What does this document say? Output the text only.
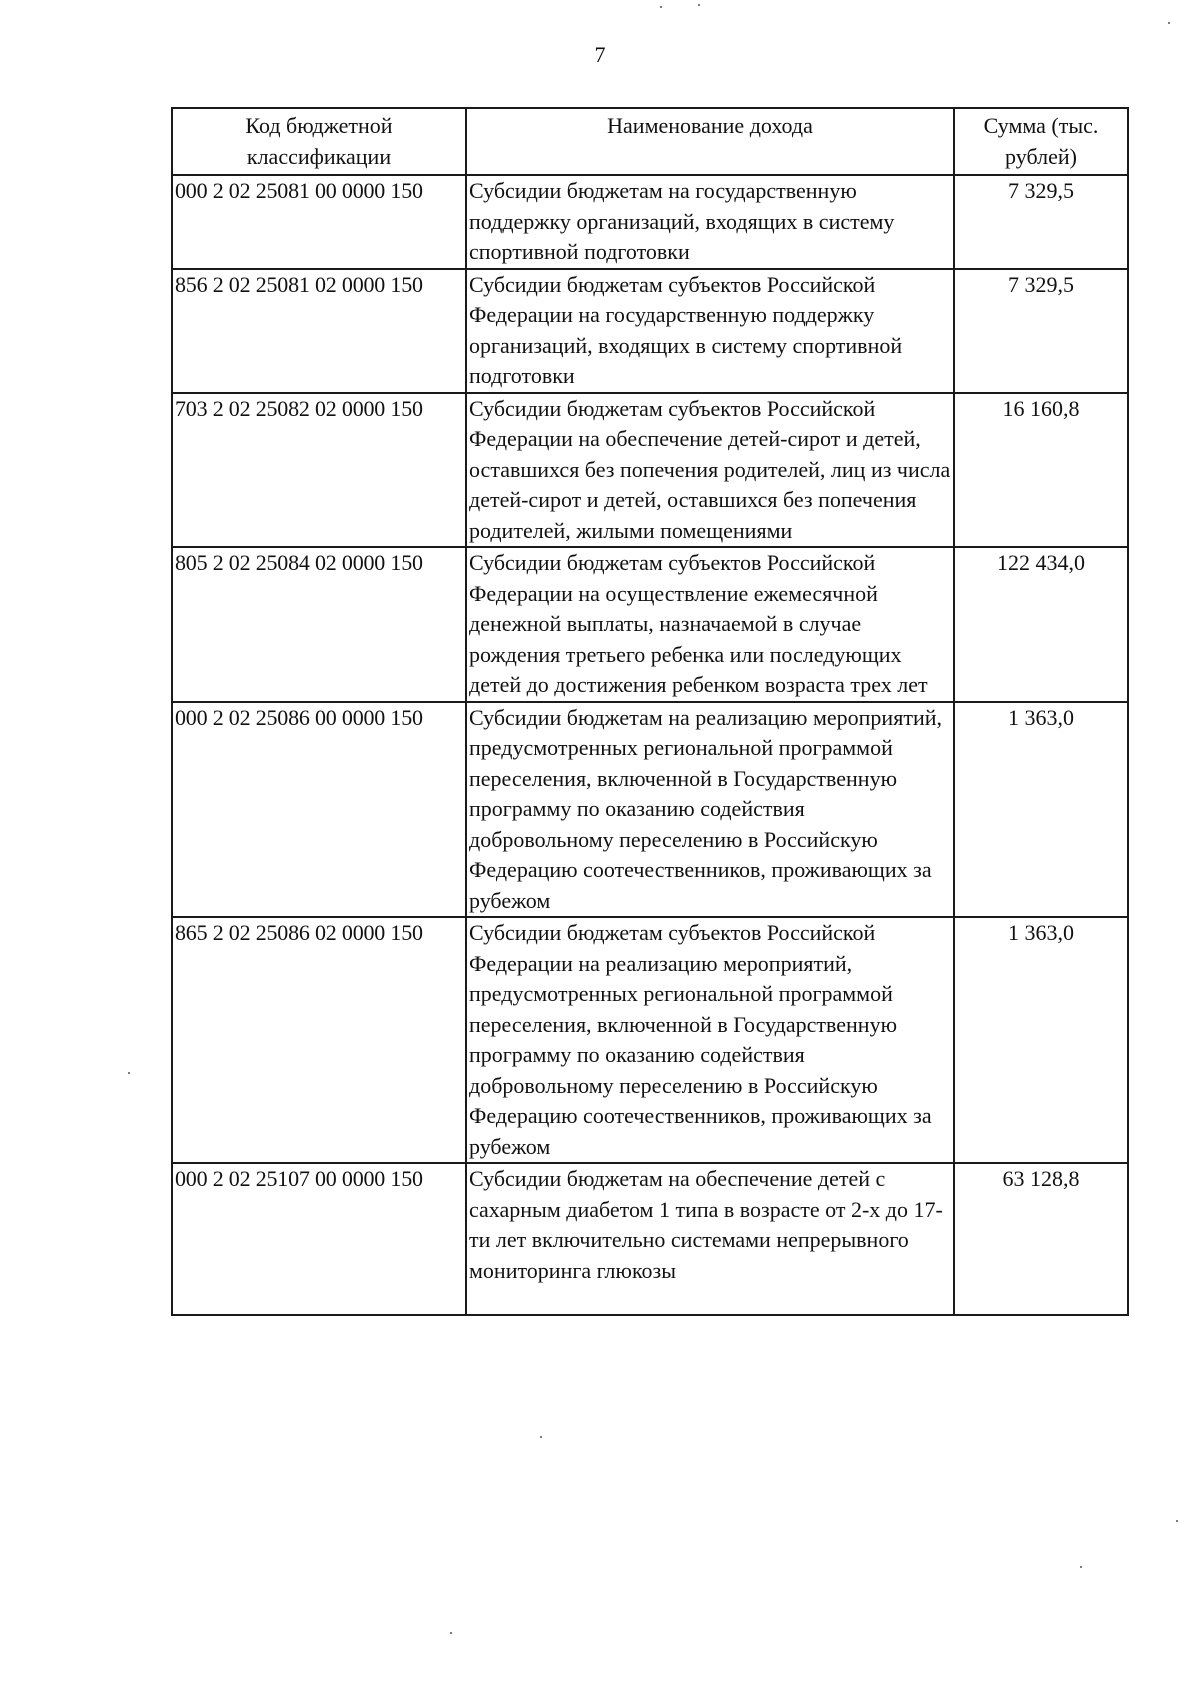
7
Код бюджетной классификации	Наименование дохода	Сумма (тыс. рублей)
000 2 02 25081 00 0000 150	Субсидии бюджетам на государственную поддержку организаций, входящих в систему спортивной подготовки	7 329,5
856 2 02 25081 02 0000 150	Субсидии бюджетам субъектов Российской Федерации на государственную поддержку организаций, входящих в систему спортивной подготовки	7 329,5
703 2 02 25082 02 0000 150	Субсидии бюджетам субъектов Российской Федерации на обеспечение детей-сирот и детей, оставшихся без попечения родителей, лиц из числа детей-сирот и детей, оставшихся без попечения родителей, жилыми помещениями	16 160,8
805 2 02 25084 02 0000 150	Субсидии бюджетам субъектов Российской Федерации на осуществление ежемесячной денежной выплаты, назначаемой в случае рождения третьего ребенка или последующих детей до достижения ребенком возраста трех лет	122 434,0
000 2 02 25086 00 0000 150	Субсидии бюджетам на реализацию мероприятий, предусмотренных региональной программой переселения, включенной в Государственную программу по оказанию содействия добровольному переселению в Российскую Федерацию соотечественников, проживающих за рубежом	1 363,0
865 2 02 25086 02 0000 150	Субсидии бюджетам субъектов Российской Федерации на реализацию мероприятий, предусмотренных региональной программой переселения, включенной в Государственную программу по оказанию содействия добровольному переселению в Российскую Федерацию соотечественников, проживающих за рубежом	1 363,0
000 2 02 25107 00 0000 150	Субсидии бюджетам на обеспечение детей с сахарным диабетом 1 типа в возрасте от 2-х до 17-ти лет включительно системами непрерывного мониторинга глюкозы	63 128,8
